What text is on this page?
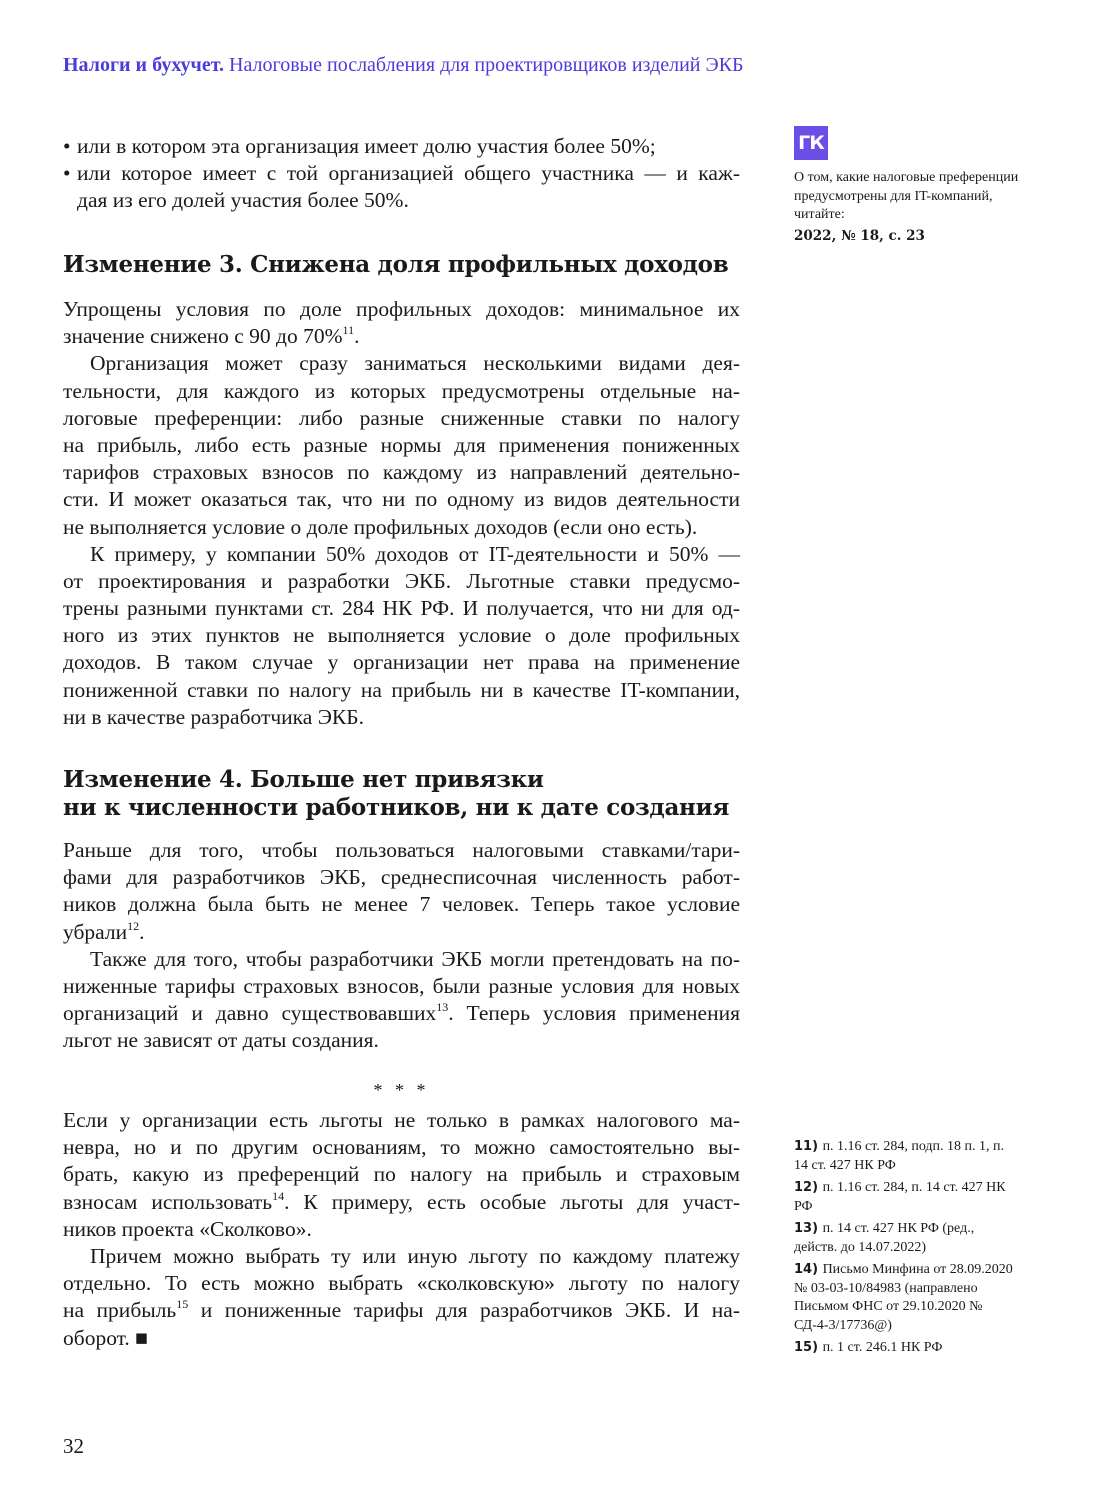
Налоги и бухучет. Налоговые послабления для проектировщиков изделий ЭКБ
• или в котором эта организация имеет долю участия более 50%;
• или которое имеет с той организацией общего участника — и каж-
дая из его долей участия более 50%.
Изменение 3. Снижена доля профильных доходов
Упрощены условия по доле профильных доходов: минимальное их
значение снижено с 90 до 70%$^{11}$.
Организация может сразу заниматься несколькими видами дея-
тельности, для каждого из которых предусмотрены отдельные на-
логовые преференции: либо разные сниженные ставки по налогу
на прибыль, либо есть разные нормы для применения пониженных
тарифов страховых взносов по каждому из направлений деятельно-
сти. И может оказаться так, что ни по одному из видов деятельности
не выполняется условие о доле профильных доходов (если оно есть).
К примеру, у компании 50% доходов от IT-деятельности и 50% —
от проектирования и разработки ЭКБ. Льготные ставки предусмо-
трены разными пунктами ст. 284 НК РФ. И получается, что ни для од-
ного из этих пунктов не выполняется условие о доле профильных
доходов. В таком случае у организации нет права на применение
пониженной ставки по налогу на прибыль ни в качестве IT-компании,
ни в качестве разработчика ЭКБ.
Изменение 4. Больше нет привязки
ни к численности работников, ни к дате создания
Раньше для того, чтобы пользоваться налоговыми ставками/тари-
фами для разработчиков ЭКБ, среднесписочная численность работ-
ников должна была быть не менее 7 человек. Теперь такое условие
убрали$^{12}$.
Также для того, чтобы разработчики ЭКБ могли претендовать на по-
ниженные тарифы страховых взносов, были разные условия для новых
организаций и давно существовавших$^{13}$. Теперь условия применения
льгот не зависят от даты создания.
* * *
Если у организации есть льготы не только в рамках налогового ма-
невра, но и по другим основаниям, то можно самостоятельно вы-
брать, какую из преференций по налогу на прибыль и страховым
взносам использовать$^{14}$. К примеру, есть особые льготы для участ-
ников проекта «Сколково».
Причем можно выбрать ту или иную льготу по каждому платежу
отдельно. То есть можно выбрать «сколковскую» льготу по налогу
на прибыль$^{15}$ и пониженные тарифы для разработчиков ЭКБ. И на-
оборот. ■
ГК
О том, какие налоговые преференции предусмотрены для IT-компаний, читайте:
2022, № 18, с. 23
11) п. 1.16 ст. 284, подп. 18 п. 1, п. 14 ст. 427 НК РФ
12) п. 1.16 ст. 284, п. 14 ст. 427 НК РФ
13) п. 14 ст. 427 НК РФ (ред., действ. до 14.07.2022)
14) Письмо Минфина от 28.09.2020 № 03-03-10/84983 (направлено Письмом ФНС от 29.10.2020 № СД-4-3/17736@)
15) п. 1 ст. 246.1 НК РФ
32
